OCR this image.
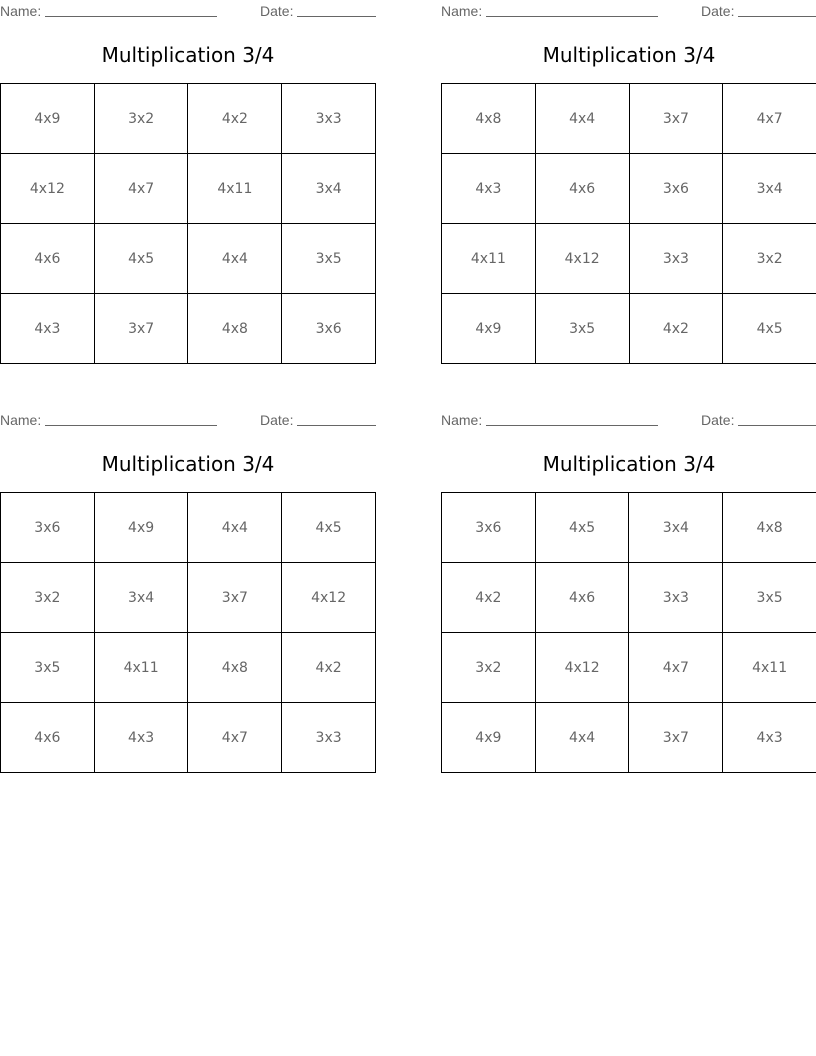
Name:	Date:
Multiplication 3/4
4x9	3x2	4x2	3x3
4x12	4x7	4x11	3x4
4x6	4x5	4x4	3x5
4x3	3x7	4x8	3x6
Name:	Date:
Multiplication 3/4
4x8	4x4	3x7	4x7
4x3	4x6	3x6	3x4
4x11	4x12	3x3	3x2
4x9	3x5	4x2	4x5
Name:	Date:
Multiplication 3/4
3x6	4x9	4x4	4x5
3x2	3x4	3x7	4x12
3x5	4x11	4x8	4x2
4x6	4x3	4x7	3x3
Name:	Date:
Multiplication 3/4
3x6	4x5	3x4	4x8
4x2	4x6	3x3	3x5
3x2	4x12	4x7	4x11
4x9	4x4	3x7	4x3
